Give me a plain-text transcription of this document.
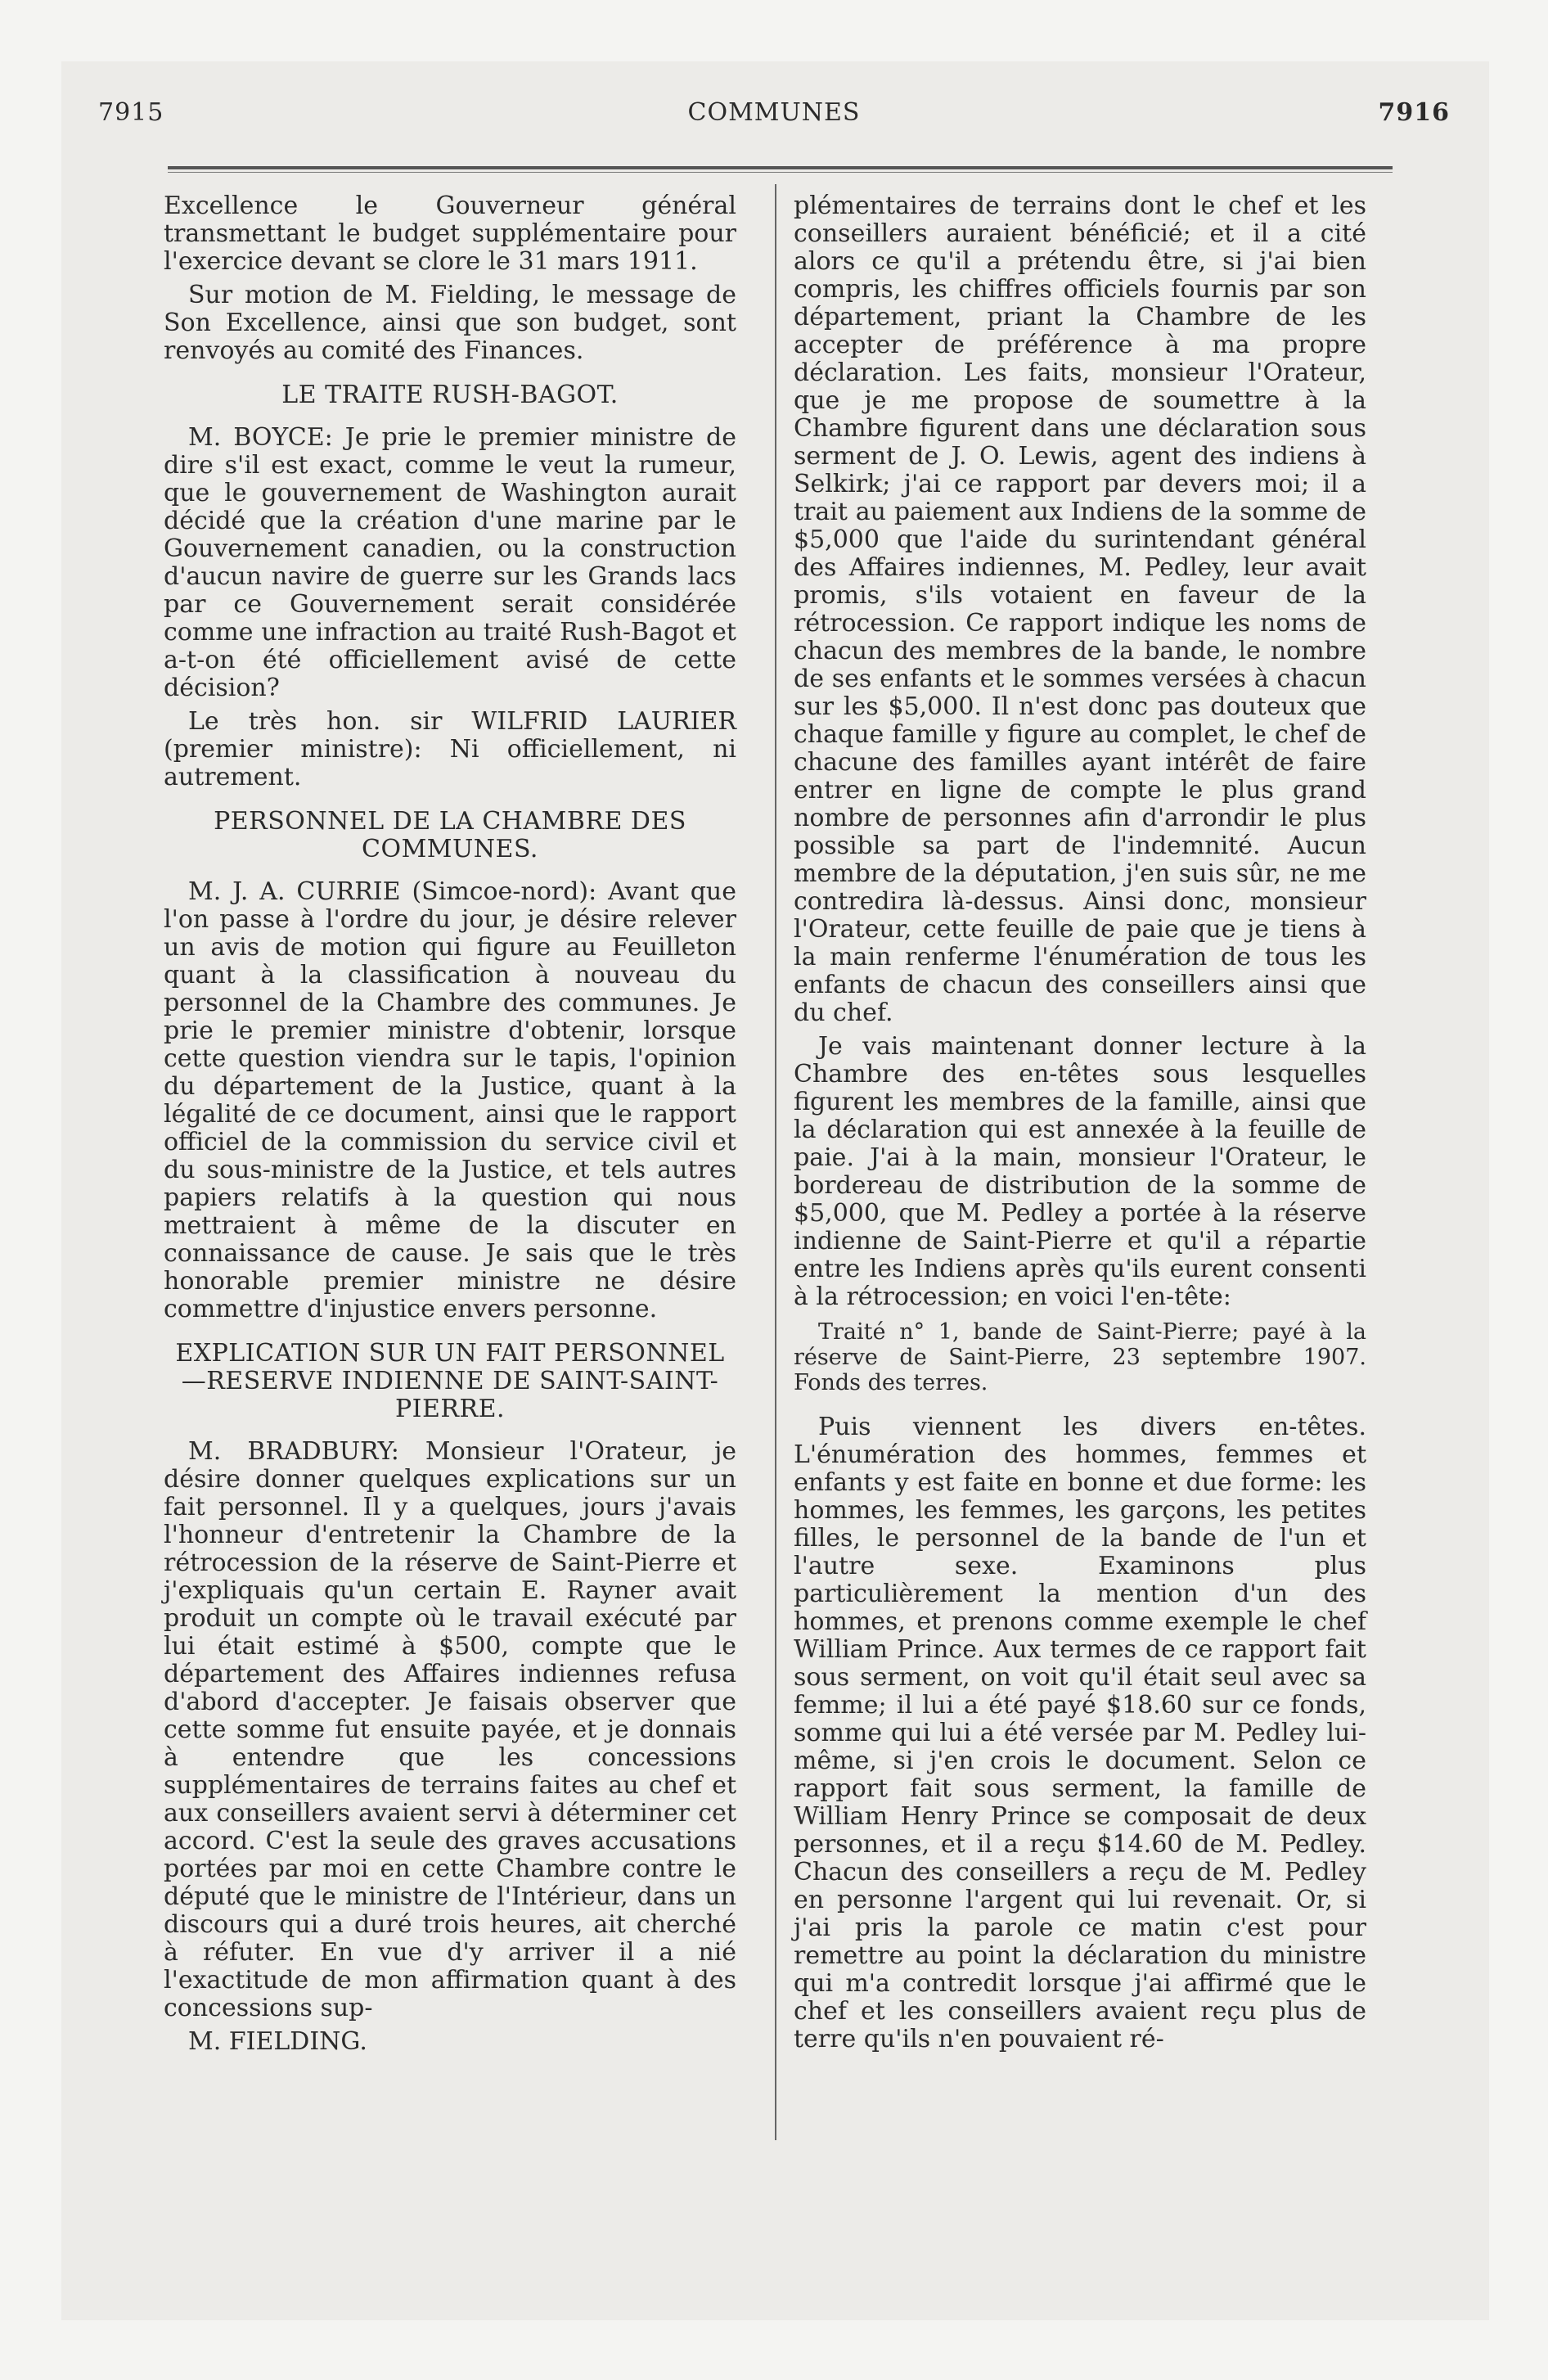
7915	COMMUNES	7916

Excellence le Gouverneur général transmettant le budget supplémentaire pour l'exercice devant se clore le 31 mars 1911.

Sur motion de M. Fielding, le message de Son Excellence, ainsi que son budget, sont renvoyés au comité des Finances.

LE TRAITE RUSH-BAGOT.

M. BOYCE: Je prie le premier ministre de dire s'il est exact, comme le veut la rumeur, que le gouvernement de Washington aurait décidé que la création d'une marine par le Gouvernement canadien, ou la construction d'aucun navire de guerre sur les Grands lacs par ce Gouvernement serait considérée comme une infraction au traité Rush-Bagot et a-t-on été officiellement avisé de cette décision?

Le très hon. sir WILFRID LAURIER (premier ministre): Ni officiellement, ni autrement.

PERSONNEL DE LA CHAMBRE DES COMMUNES.

M. J. A. CURRIE (Simcoe-nord): Avant que l'on passe à l'ordre du jour, je désire relever un avis de motion qui figure au Feuilleton quant à la classification à nouveau du personnel de la Chambre des communes. Je prie le premier ministre d'obtenir, lorsque cette question viendra sur le tapis, l'opinion du département de la Justice, quant à la légalité de ce document, ainsi que le rapport officiel de la commission du service civil et du sous-ministre de la Justice, et tels autres papiers relatifs à la question qui nous mettraient à même de la discuter en connaissance de cause. Je sais que le très honorable premier ministre ne désire commettre d'injustice envers personne.

EXPLICATION SUR UN FAIT PERSONNEL—RESERVE INDIENNE DE SAINT-SAINT-PIERRE.

M. BRADBURY: Monsieur l'Orateur, je désire donner quelques explications sur un fait personnel. Il y a quelques, jours j'avais l'honneur d'entretenir la Chambre de la rétrocession de la réserve de Saint-Pierre et j'expliquais qu'un certain E. Rayner avait produit un compte où le travail exécuté par lui était estimé à $500, compte que le département des Affaires indiennes refusa d'abord d'accepter. Je faisais observer que cette somme fut ensuite payée, et je donnais à entendre que les concessions supplémentaires de terrains faites au chef et aux conseillers avaient servi à déterminer cet accord. C'est la seule des graves accusations portées par moi en cette Chambre contre le député que le ministre de l'Intérieur, dans un discours qui a duré trois heures, ait cherché à réfuter. En vue d'y arriver il a nié l'exactitude de mon affirmation quant à des concessions sup-

M. FIELDING.

plémentaires de terrains dont le chef et les conseillers auraient bénéficié; et il a cité alors ce qu'il a prétendu être, si j'ai bien compris, les chiffres officiels fournis par son département, priant la Chambre de les accepter de préférence à ma propre déclaration. Les faits, monsieur l'Orateur, que je me propose de soumettre à la Chambre figurent dans une déclaration sous serment de J. O. Lewis, agent des indiens à Selkirk; j'ai ce rapport par devers moi; il a trait au paiement aux Indiens de la somme de $5,000 que l'aide du surintendant général des Affaires indiennes, M. Pedley, leur avait promis, s'ils votaient en faveur de la rétrocession. Ce rapport indique les noms de chacun des membres de la bande, le nombre de ses enfants et le sommes versées à chacun sur les $5,000. Il n'est donc pas douteux que chaque famille y figure au complet, le chef de chacune des familles ayant intérêt de faire entrer en ligne de compte le plus grand nombre de personnes afin d'arrondir le plus possible sa part de l'indemnité. Aucun membre de la députation, j'en suis sûr, ne me contredira là-dessus. Ainsi donc, monsieur l'Orateur, cette feuille de paie que je tiens à la main renferme l'énumération de tous les enfants de chacun des conseillers ainsi que du chef.

Je vais maintenant donner lecture à la Chambre des en-têtes sous lesquelles figurent les membres de la famille, ainsi que la déclaration qui est annexée à la feuille de paie. J'ai à la main, monsieur l'Orateur, le bordereau de distribution de la somme de $5,000, que M. Pedley a portée à la réserve indienne de Saint-Pierre et qu'il a répartie entre les Indiens après qu'ils eurent consenti à la rétrocession; en voici l'en-tête:

Traité n° 1, bande de Saint-Pierre; payé à la réserve de Saint-Pierre, 23 septembre 1907. Fonds des terres.

Puis viennent les divers en-têtes. L'énumération des hommes, femmes et enfants y est faite en bonne et due forme: les hommes, les femmes, les garçons, les petites filles, le personnel de la bande de l'un et l'autre sexe. Examinons plus particulièrement la mention d'un des hommes, et prenons comme exemple le chef William Prince. Aux termes de ce rapport fait sous serment, on voit qu'il était seul avec sa femme; il lui a été payé $18.60 sur ce fonds, somme qui lui a été versée par M. Pedley lui-même, si j'en crois le document. Selon ce rapport fait sous serment, la famille de William Henry Prince se composait de deux personnes, et il a reçu $14.60 de M. Pedley. Chacun des conseillers a reçu de M. Pedley en personne l'argent qui lui revenait. Or, si j'ai pris la parole ce matin c'est pour remettre au point la déclaration du ministre qui m'a contredit lorsque j'ai affirmé que le chef et les conseillers avaient reçu plus de terre qu'ils n'en pouvaient ré-
